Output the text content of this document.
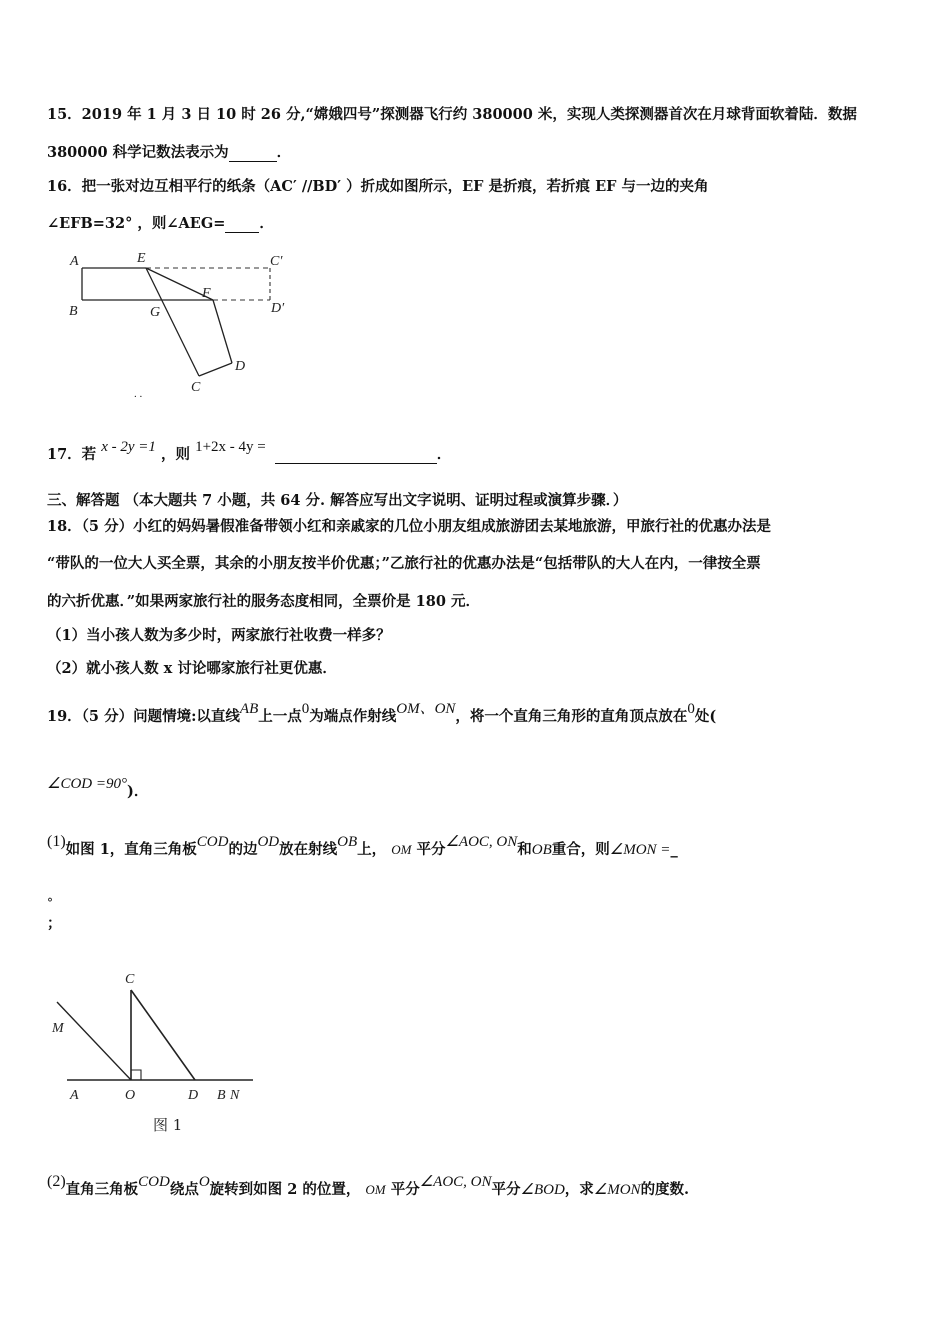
15．2019 年 1 月 3 日 10 时 26 分,“嫦娥四号”探测器飞行约 380000 米，实现人类探测器首次在月球背面软着陆．数据
380000 科学记数法表示为	．
16．把一张对边互相平行的纸条（AC′ //BD′ ）折成如图所示，EF 是折痕，若折痕 EF 与一边的夹角
∠EFB=32° ，则∠AEG= ．
A	E	C′
B	G
F
D′
D
C
. .
17．若 x - 2y =1 ，则 1+2x - 4y =	．
三、解答题 （本大题共 7 小题，共 64 分. 解答应写出文字说明、证明过程或演算步骤．）
18．（5 分）小红的妈妈暑假准备带领小红和亲戚家的几位小朋友组成旅游团去某地旅游，甲旅行社的优惠办法是
“带队的一位大人买全票，其余的小朋友按半价优惠；”乙旅行社的优惠办法是“包括带队的大人在内，一律按全票
的六折优惠．”如果两家旅行社的服务态度相同，全票价是 180 元．
（1）当小孩人数为多少时，两家旅行社收费一样多？
（2）就小孩人数 x 讨论哪家旅行社更优惠．
19．（5 分）问题情境:以直线AB上一点0为端点作射线OM、ON，将一个直角三角形的直角顶点放在0处(
∠COD =90°)．
(1)如图 1，直角三角板COD的边OD放在射线OB上， OM 平分∠AOC, ON和OB重合，则∠MON =_
°
；
C
M
A	O	D B N
图 1
(2)直角三角板COD绕点O旋转到如图 2 的位置， OM 平分∠AOC, ON平分∠BOD，求∠MON的度数.
